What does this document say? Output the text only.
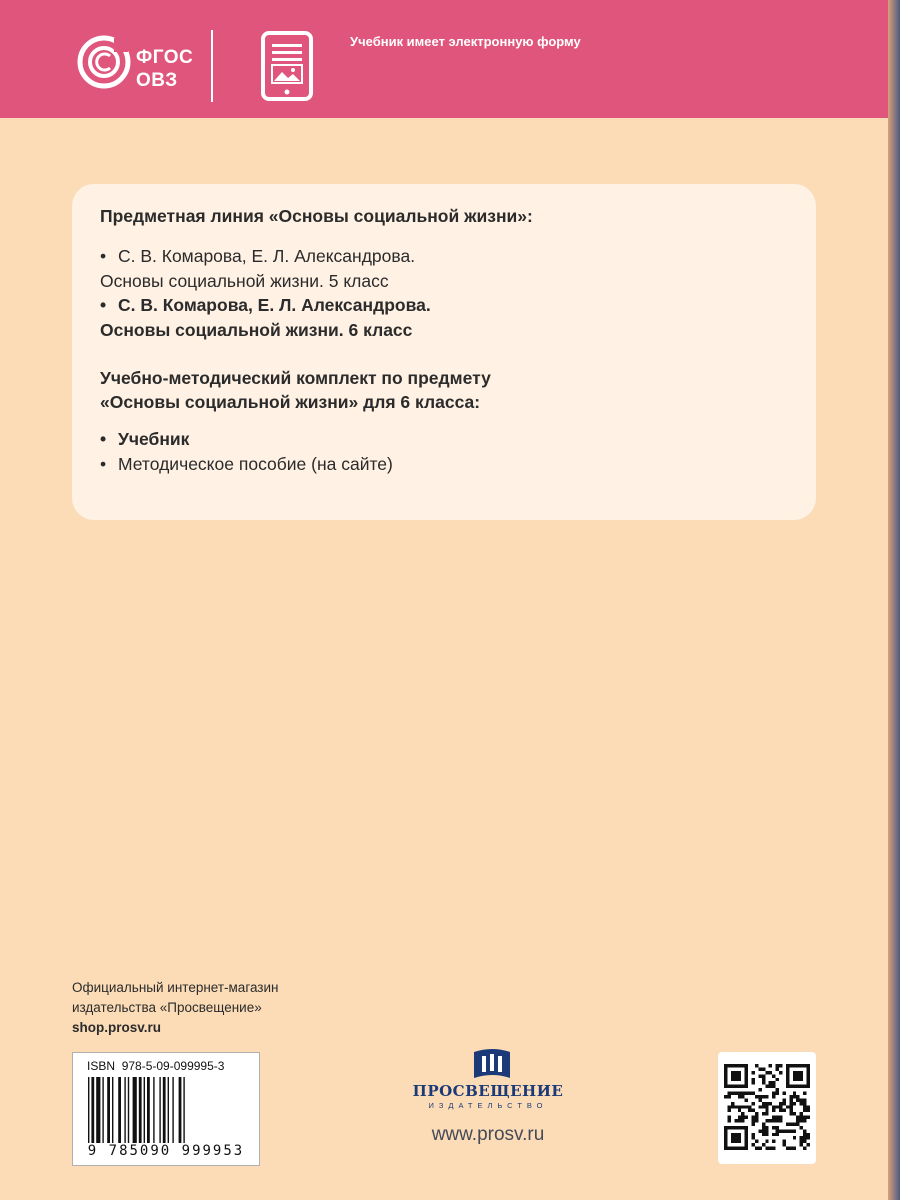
ФГОС
ОВЗ
Учебник имеет электронную форму
Предметная линия «Основы социальной жизни»:
• С. В. Комарова, Е. Л. Александрова.
Основы социальной жизни. 5 класс
• С. В. Комарова, Е. Л. Александрова.
Основы социальной жизни. 6 класс
Учебно-методический комплект по предмету
«Основы социальной жизни» для 6 класса:
• Учебник
• Методическое пособие (на сайте)
Официальный интернет-магазин
издательства «Просвещение»
shop.prosv.ru
ISBN 978-5-09-099995-3
9 785090 999953
ПРОСВЕЩЕНИЕ
ИЗДАТЕЛЬСТВО
www.prosv.ru
